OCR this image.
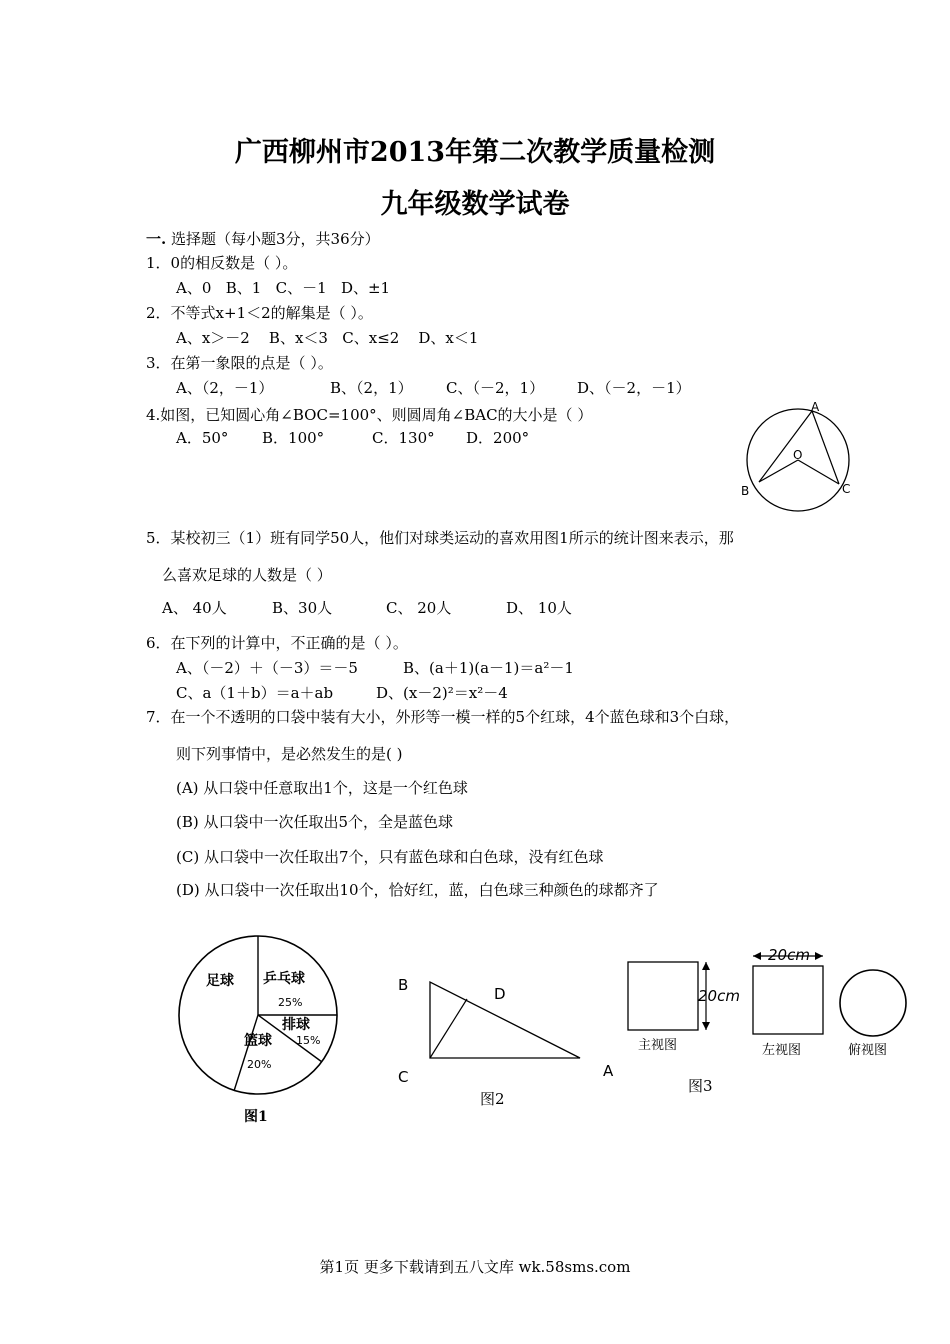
广西柳州市2013年第二次教学质量检测
九年级数学试卷
一. 选择题（每小题3分，共36分）
1．0的相反数是（ ）。
A、0 B、1 C、－1 D、±1
2．不等式x+1＜2的解集是（ ）。
A、x＞－2 B、x＜3 C、x≤2 D、x＜1
3．在第一象限的点是（ ）。
A、（2，－1）	B、（2，1） C、（－2，1） D、（－2，－1）
4.如图，已知圆心角∠BOC=100°、则圆周角∠BAC的大小是（ ）
A．50° B．100°	C．130° D．200°
A
O
B	C
5．某校初三（1）班有同学50人，他们对球类运动的喜欢用图1所示的统计图来表示，那
么喜欢足球的人数是（ ）
A、 40人	B、30人	C、 20人	D、 10人
6．在下列的计算中，不正确的是（ ）。
A、（－2）＋（－3）＝－5	B、(a＋1)(a－1)＝a²－1
C、a（1＋b）＝a＋ab	D、(x－2)²＝x²－4
7．在一个不透明的口袋中装有大小，外形等一模一样的5个红球，4个蓝色球和3个白球，
则下列事情中，是必然发生的是( )
(A) 从口袋中任意取出1个，这是一个红色球
(B) 从口袋中一次任取出5个，全是蓝色球
(C) 从口袋中一次任取出7个，只有蓝色球和白色球，没有红色球
(D) 从口袋中一次任取出10个，恰好红，蓝，白色球三种颜色的球都齐了
足球 乒乓球
25%
排球
15%
篮球
20%
图1
B
C
D
A
图2
20cm
主视图
20cm
左视图	俯视图
图3
第1页 更多下载请到五八文库 wk.58sms.com
